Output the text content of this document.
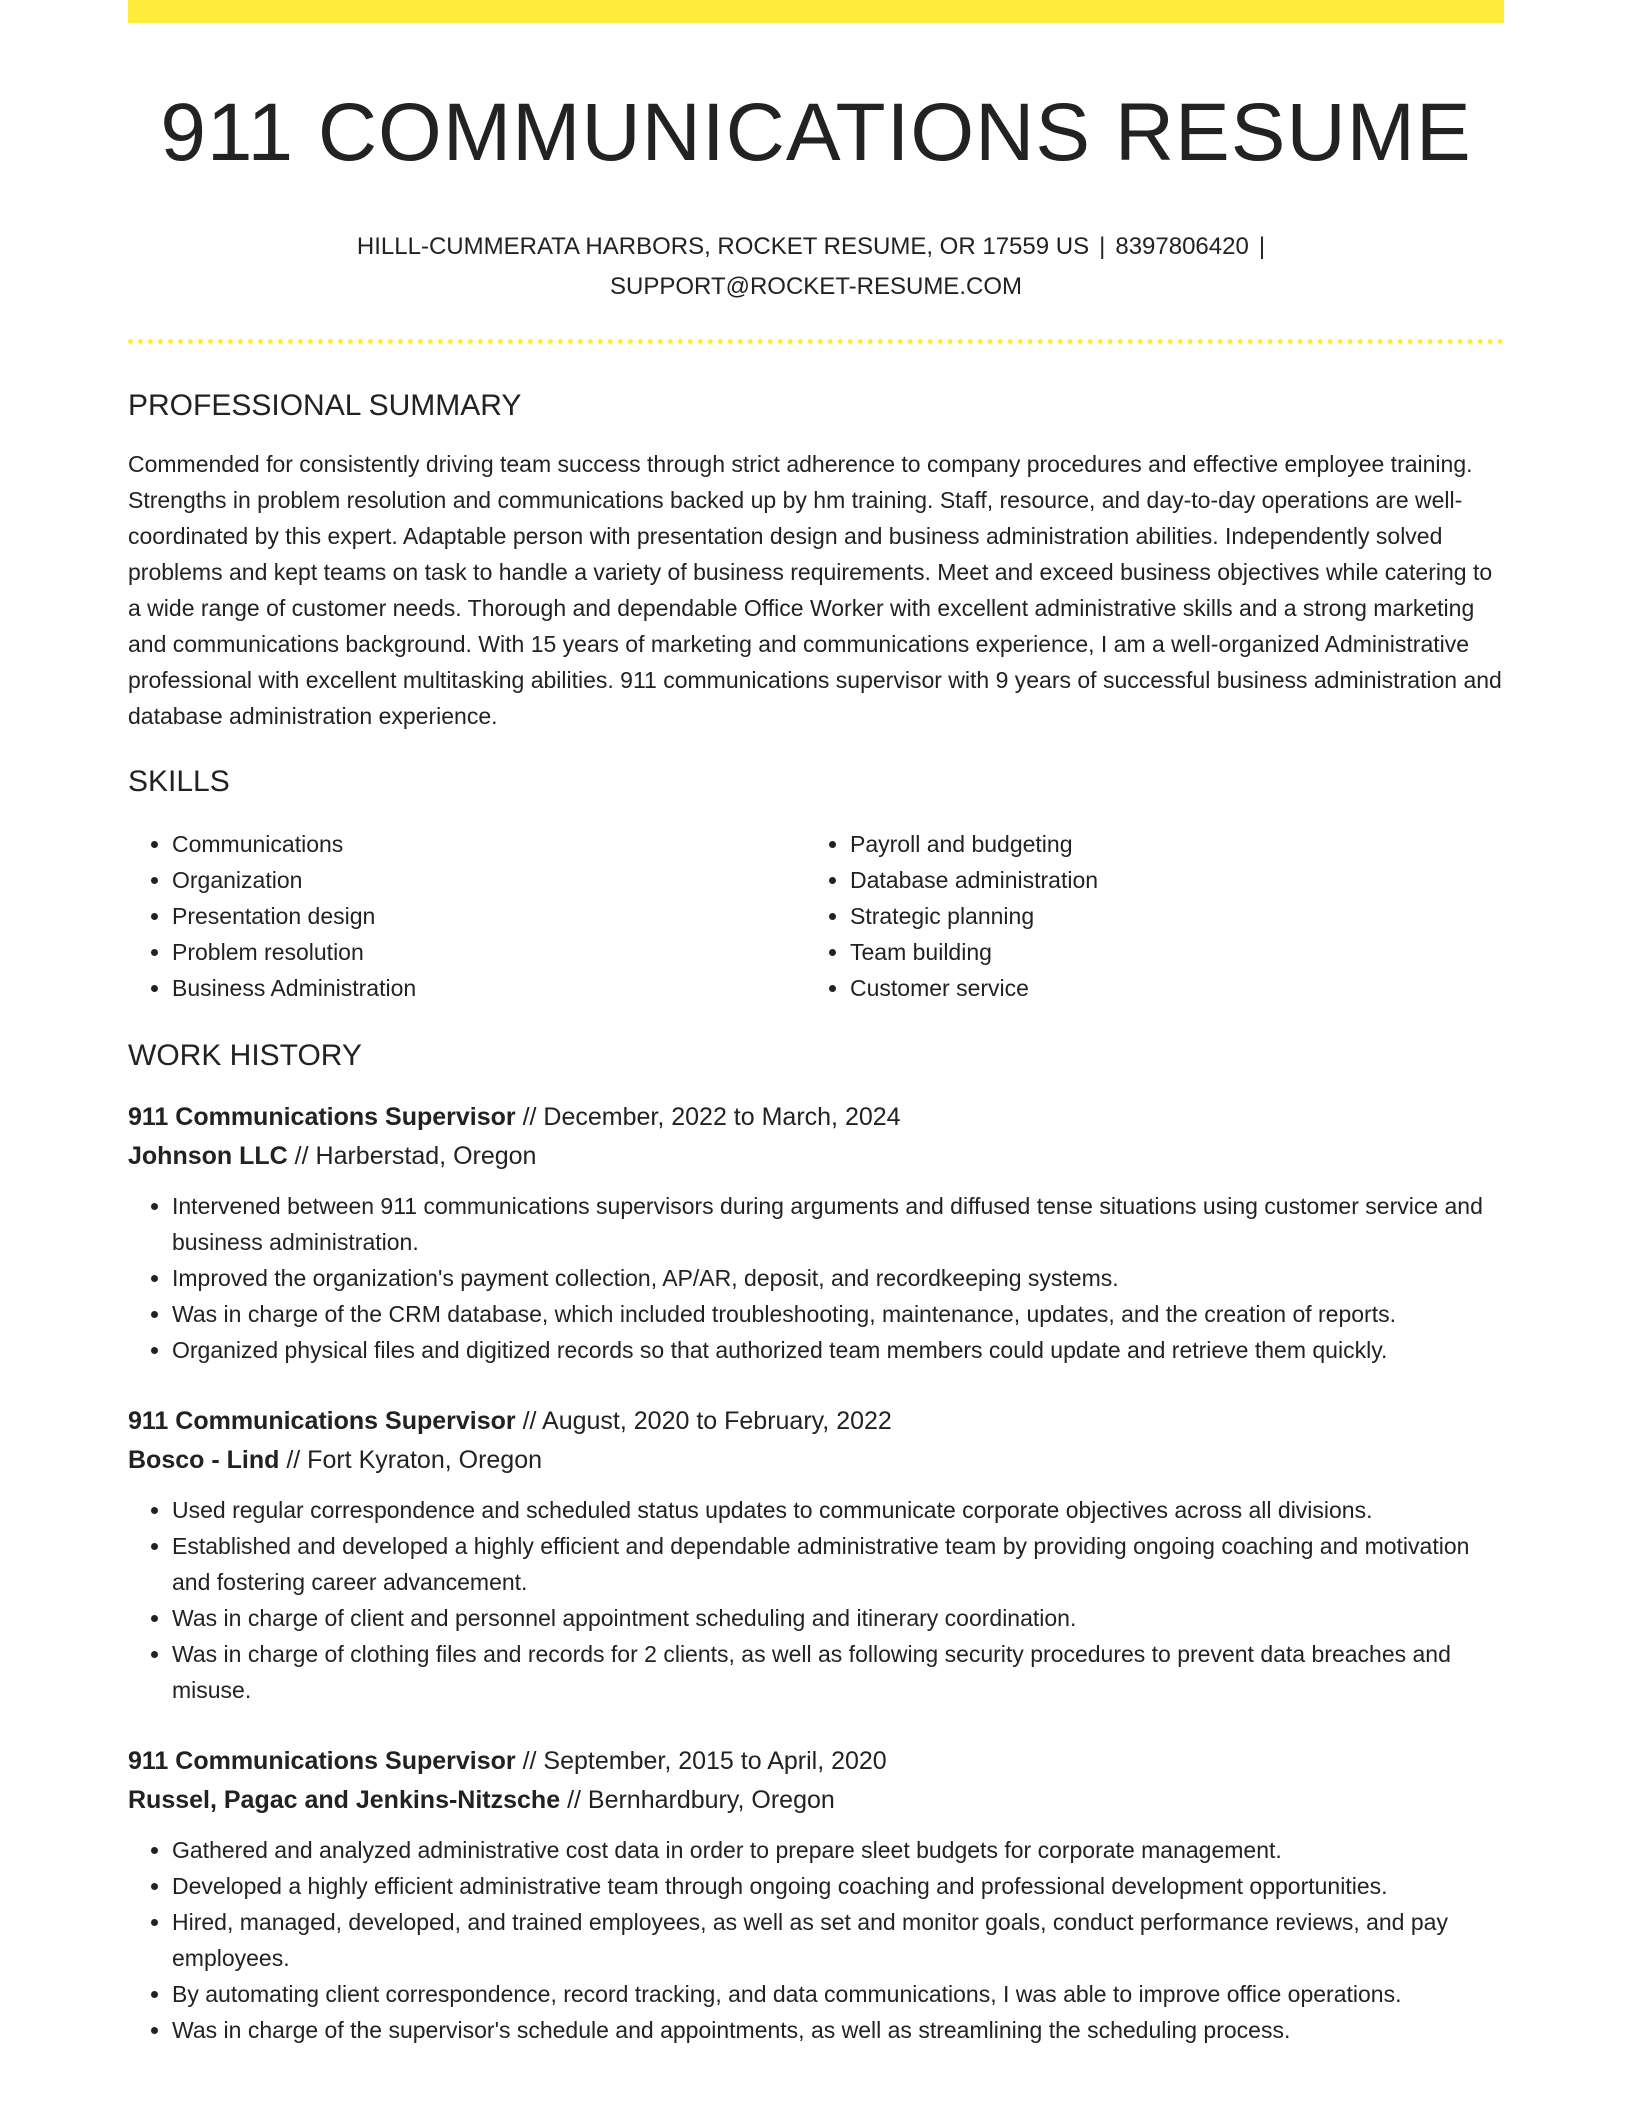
911 COMMUNICATIONS RESUME
HILLL-CUMMERATA HARBORS, ROCKET RESUME, OR 17559 US | 8397806420 |
SUPPORT@ROCKET-RESUME.COM
PROFESSIONAL SUMMARY

Commended for consistently driving team success through strict adherence to company procedures and effective employee training. Strengths in problem resolution and communications backed up by hm training. Staff, resource, and day-to-day operations are well-coordinated by this expert. Adaptable person with presentation design and business administration abilities. Independently solved problems and kept teams on task to handle a variety of business requirements. Meet and exceed business objectives while catering to a wide range of customer needs. Thorough and dependable Office Worker with excellent administrative skills and a strong marketing and communications background. With 15 years of marketing and communications experience, I am a well-organized Administrative professional with excellent multitasking abilities. 911 communications supervisor with 9 years of successful business administration and database administration experience.

SKILLS
• Communications
• Organization
• Presentation design
• Problem resolution
• Business Administration
• Payroll and budgeting
• Database administration
• Strategic planning
• Team building
• Customer service
WORK HISTORY
911 Communications Supervisor // December, 2022 to March, 2024
Johnson LLC // Harberstad, Oregon
• Intervened between 911 communications supervisors during arguments and diffused tense situations using customer service and business administration.
• Improved the organization's payment collection, AP/AR, deposit, and recordkeeping systems.
• Was in charge of the CRM database, which included troubleshooting, maintenance, updates, and the creation of reports.
• Organized physical files and digitized records so that authorized team members could update and retrieve them quickly.
911 Communications Supervisor // August, 2020 to February, 2022
Bosco - Lind // Fort Kyraton, Oregon
• Used regular correspondence and scheduled status updates to communicate corporate objectives across all divisions.
• Established and developed a highly efficient and dependable administrative team by providing ongoing coaching and motivation and fostering career advancement.
• Was in charge of client and personnel appointment scheduling and itinerary coordination.
• Was in charge of clothing files and records for 2 clients, as well as following security procedures to prevent data breaches and misuse.
911 Communications Supervisor // September, 2015 to April, 2020
Russel, Pagac and Jenkins-Nitzsche // Bernhardbury, Oregon
• Gathered and analyzed administrative cost data in order to prepare sleet budgets for corporate management.
• Developed a highly efficient administrative team through ongoing coaching and professional development opportunities.
• Hired, managed, developed, and trained employees, as well as set and monitor goals, conduct performance reviews, and pay employees.
• By automating client correspondence, record tracking, and data communications, I was able to improve office operations.
• Was in charge of the supervisor's schedule and appointments, as well as streamlining the scheduling process.
